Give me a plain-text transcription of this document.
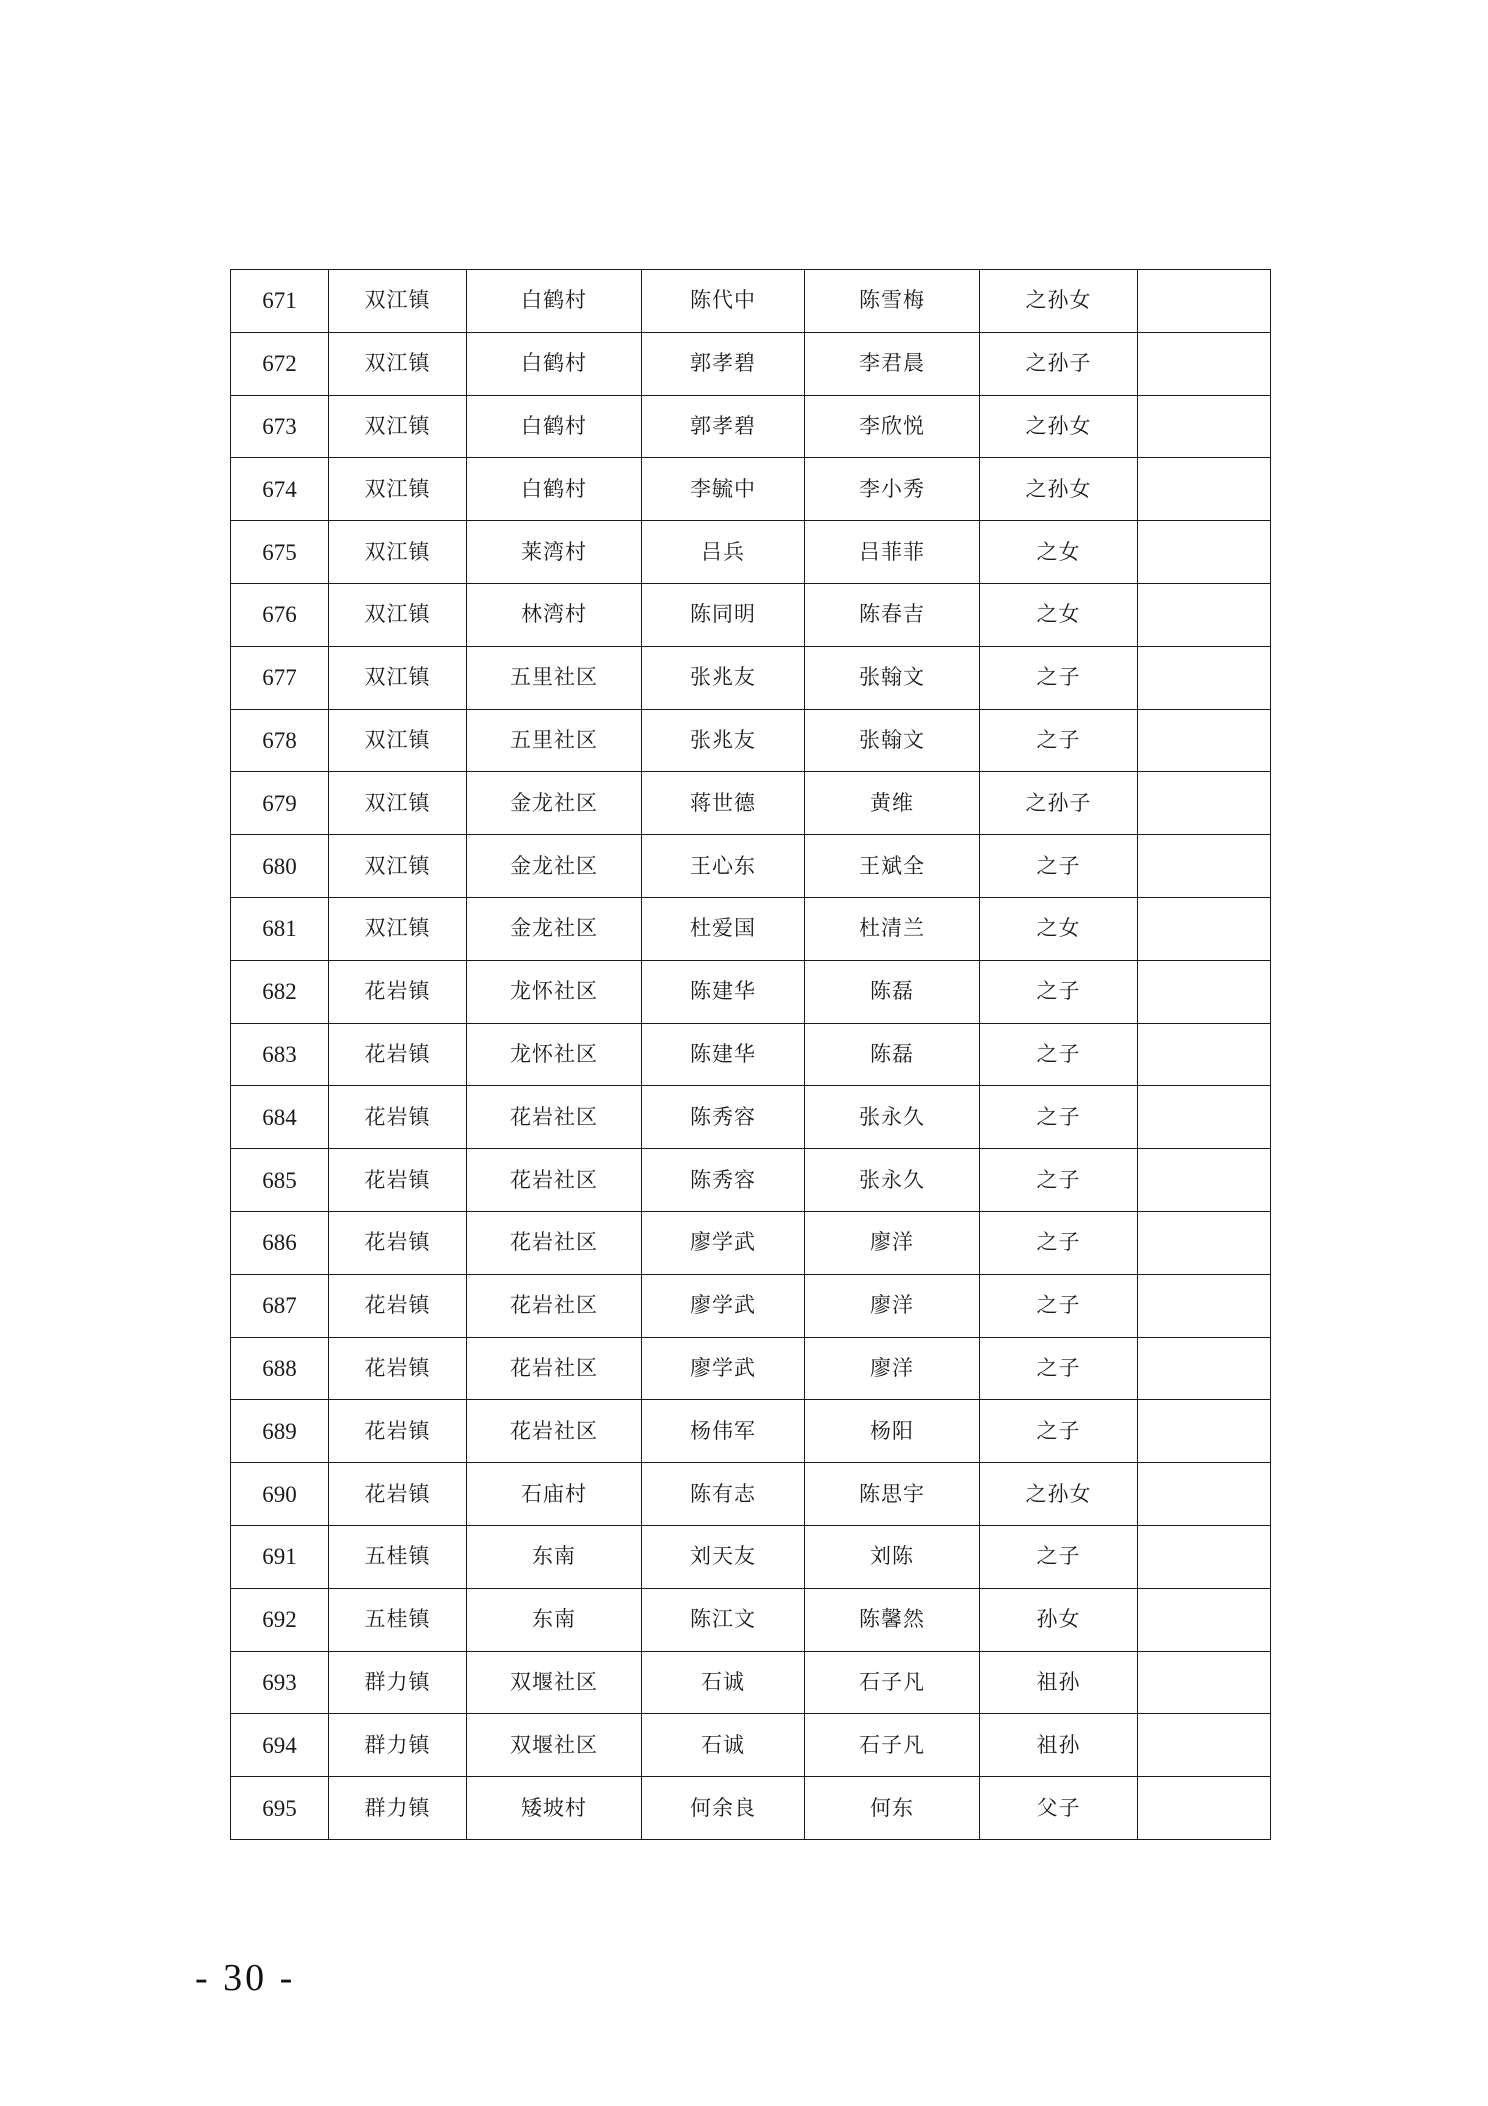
671	双江镇	白鹤村	陈代中	陈雪梅	之孙女	
672	双江镇	白鹤村	郭孝碧	李君晨	之孙子	
673	双江镇	白鹤村	郭孝碧	李欣悦	之孙女	
674	双江镇	白鹤村	李毓中	李小秀	之孙女	
675	双江镇	莱湾村	吕兵	吕菲菲	之女	
676	双江镇	林湾村	陈同明	陈春吉	之女	
677	双江镇	五里社区	张兆友	张翰文	之子	
678	双江镇	五里社区	张兆友	张翰文	之子	
679	双江镇	金龙社区	蒋世德	黄维	之孙子	
680	双江镇	金龙社区	王心东	王斌全	之子	
681	双江镇	金龙社区	杜爱国	杜清兰	之女	
682	花岩镇	龙怀社区	陈建华	陈磊	之子	
683	花岩镇	龙怀社区	陈建华	陈磊	之子	
684	花岩镇	花岩社区	陈秀容	张永久	之子	
685	花岩镇	花岩社区	陈秀容	张永久	之子	
686	花岩镇	花岩社区	廖学武	廖洋	之子	
687	花岩镇	花岩社区	廖学武	廖洋	之子	
688	花岩镇	花岩社区	廖学武	廖洋	之子	
689	花岩镇	花岩社区	杨伟军	杨阳	之子	
690	花岩镇	石庙村	陈有志	陈思宇	之孙女	
691	五桂镇	东南	刘天友	刘陈	之子	
692	五桂镇	东南	陈江文	陈馨然	孙女	
693	群力镇	双堰社区	石诚	石子凡	祖孙	
694	群力镇	双堰社区	石诚	石子凡	祖孙	
695	群力镇	矮坡村	何余良	何东	父子	
- 30 -
